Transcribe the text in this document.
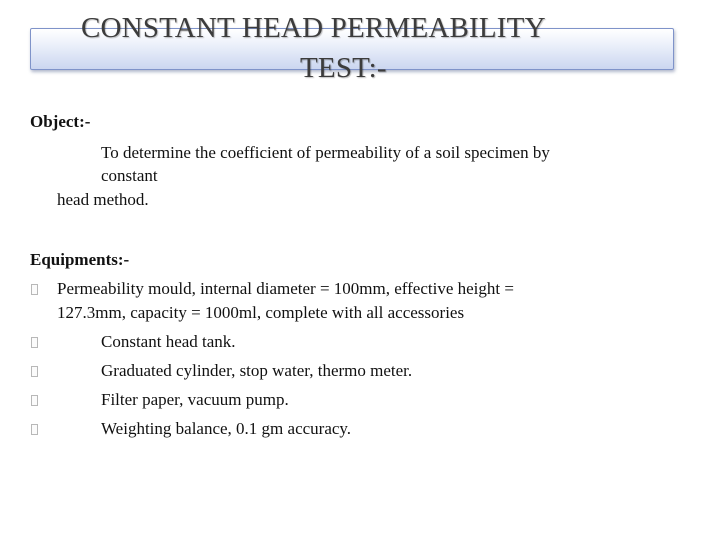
CONSTANT HEAD PERMEABILITY
TEST:-
Object:-
To determine the coefficient of permeability of a soil specimen by
constant
head method.
Equipments:-
Permeability mould, internal diameter = 100mm, effective height =
127.3mm, capacity = 1000ml, complete with all accessories
Constant head tank.
Graduated cylinder, stop water, thermo meter.
Filter paper, vacuum pump.
Weighting balance, 0.1 gm accuracy.
